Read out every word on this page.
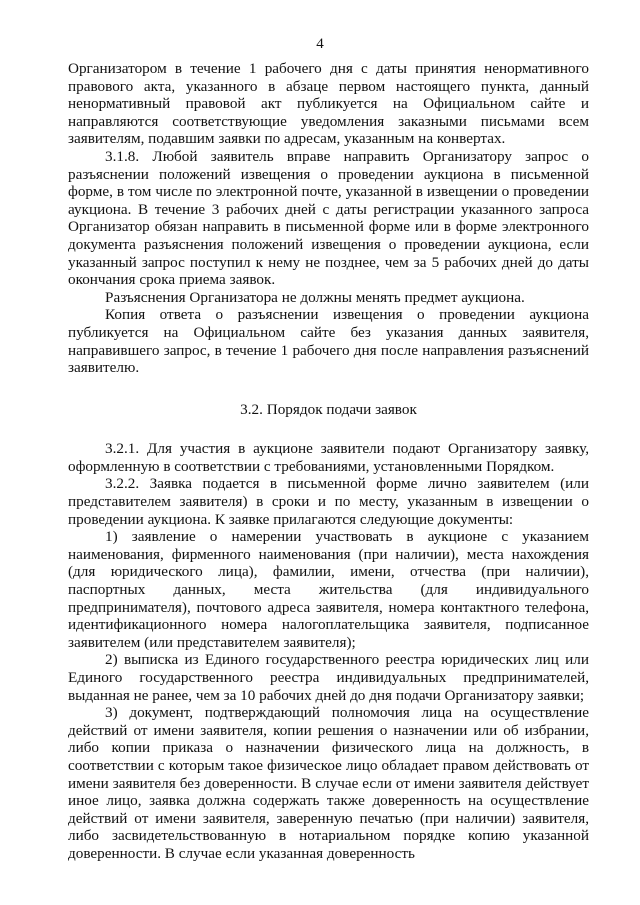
4

Организатором в течение 1 рабочего дня с даты принятия ненормативного правового акта, указанного в абзаце первом настоящего пункта, данный ненормативный правовой акт публикуется на Официальном сайте и направляются соответствующие уведомления заказными письмами всем заявителям, подавшим заявки по адресам, указанным на конвертах.

3.1.8. Любой заявитель вправе направить Организатору запрос о разъяснении положений извещения о проведении аукциона в письменной форме, в том числе по электронной почте, указанной в извещении о проведении аукциона. В течение 3 рабочих дней с даты регистрации указанного запроса Организатор обязан направить в письменной форме или в форме электронного документа разъяснения положений извещения о проведении аукциона, если указанный запрос поступил к нему не позднее, чем за 5 рабочих дней до даты окончания срока приема заявок.

Разъяснения Организатора не должны менять предмет аукциона.

Копия ответа о разъяснении извещения о проведении аукциона публикуется на Официальном сайте без указания данных заявителя, направившего запрос, в течение 1 рабочего дня после направления разъяснений заявителю.

3.2. Порядок подачи заявок

3.2.1. Для участия в аукционе заявители подают Организатору заявку, оформленную в соответствии с требованиями, установленными Порядком.

3.2.2. Заявка подается в письменной форме лично заявителем (или представителем заявителя) в сроки и по месту, указанным в извещении о проведении аукциона. К заявке прилагаются следующие документы:

1) заявление о намерении участвовать в аукционе с указанием наименования, фирменного наименования (при наличии), места нахождения (для юридического лица), фамилии, имени, отчества (при наличии), паспортных данных, места жительства (для индивидуального предпринимателя), почтового адреса заявителя, номера контактного телефона, идентификационного номера налогоплательщика заявителя, подписанное заявителем (или представителем заявителя);

2) выписка из Единого государственного реестра юридических лиц или Единого государственного реестра индивидуальных предпринимателей, выданная не ранее, чем за 10 рабочих дней до дня подачи Организатору заявки;

3) документ, подтверждающий полномочия лица на осуществление действий от имени заявителя, копии решения о назначении или об избрании, либо копии приказа о назначении физического лица на должность, в соответствии с которым такое физическое лицо обладает правом действовать от имени заявителя без доверенности. В случае если от имени заявителя действует иное лицо, заявка должна содержать также доверенность на осуществление действий от имени заявителя, заверенную печатью (при наличии) заявителя, либо засвидетельствованную в нотариальном порядке копию указанной доверенности. В случае если указанная доверенность
